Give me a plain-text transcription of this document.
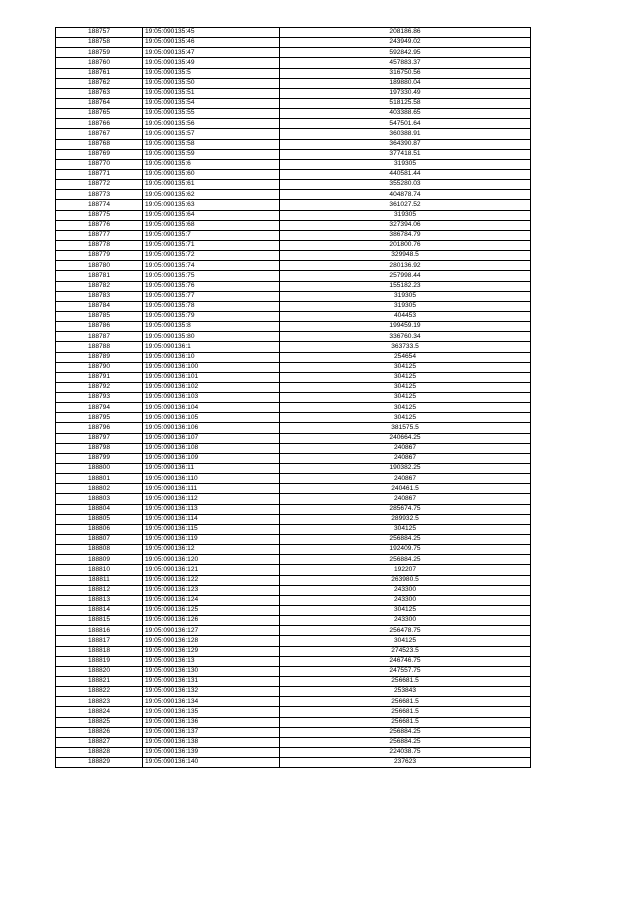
188757	19:05:090135:45	208186.86
188758	19:05:090135:46	243949.02
188759	19:05:090135:47	592842.95
188760	19:05:090135:49	457883.37
188761	19:05:090135:5	316750.56
188762	19:05:090135:50	189880.04
188763	19:05:090135:51	197330.49
188764	19:05:090135:54	518125.58
188765	19:05:090135:55	403388.65
188766	19:05:090135:56	547501.64
188767	19:05:090135:57	360388.91
188768	19:05:090135:58	364390.87
188769	19:05:090135:59	377418.51
188770	19:05:090135:6	319305
188771	19:05:090135:60	440581.44
188772	19:05:090135:61	355280.03
188773	19:05:090135:62	404878.74
188774	19:05:090135:63	361027.52
188775	19:05:090135:64	319305
188776	19:05:090135:68	327394.06
188777	19:05:090135:7	386784.79
188778	19:05:090135:71	201800.76
188779	19:05:090135:72	329948.5
188780	19:05:090135:74	280136.92
188781	19:05:090135:75	257998.44
188782	19:05:090135:76	155182.23
188783	19:05:090135:77	319305
188784	19:05:090135:78	319305
188785	19:05:090135:79	404453
188786	19:05:090135:8	199459.19
188787	19:05:090135:80	336760.34
188788	19:05:090136:1	363733.5
188789	19:05:090136:10	254654
188790	19:05:090136:100	304125
188791	19:05:090136:101	304125
188792	19:05:090136:102	304125
188793	19:05:090136:103	304125
188794	19:05:090136:104	304125
188795	19:05:090136:105	304125
188796	19:05:090136:106	381575.5
188797	19:05:090136:107	240664.25
188798	19:05:090136:108	240867
188799	19:05:090136:109	240867
188800	19:05:090136:11	190382.25
188801	19:05:090136:110	240867
188802	19:05:090136:111	240461.5
188803	19:05:090136:112	240867
188804	19:05:090136:113	285674.75
188805	19:05:090136:114	289932.5
188806	19:05:090136:115	304125
188807	19:05:090136:119	256884.25
188808	19:05:090136:12	192409.75
188809	19:05:090136:120	256884.25
188810	19:05:090136:121	192207
188811	19:05:090136:122	263980.5
188812	19:05:090136:123	243300
188813	19:05:090136:124	243300
188814	19:05:090136:125	304125
188815	19:05:090136:126	243300
188816	19:05:090136:127	256478.75
188817	19:05:090136:128	304125
188818	19:05:090136:129	274523.5
188819	19:05:090136:13	246746.75
188820	19:05:090136:130	247557.75
188821	19:05:090136:131	256681.5
188822	19:05:090136:132	253843
188823	19:05:090136:134	256681.5
188824	19:05:090136:135	256681.5
188825	19:05:090136:136	256681.5
188826	19:05:090136:137	256884.25
188827	19:05:090136:138	256884.25
188828	19:05:090136:139	224038.75
188829	19:05:090136:140	237623
